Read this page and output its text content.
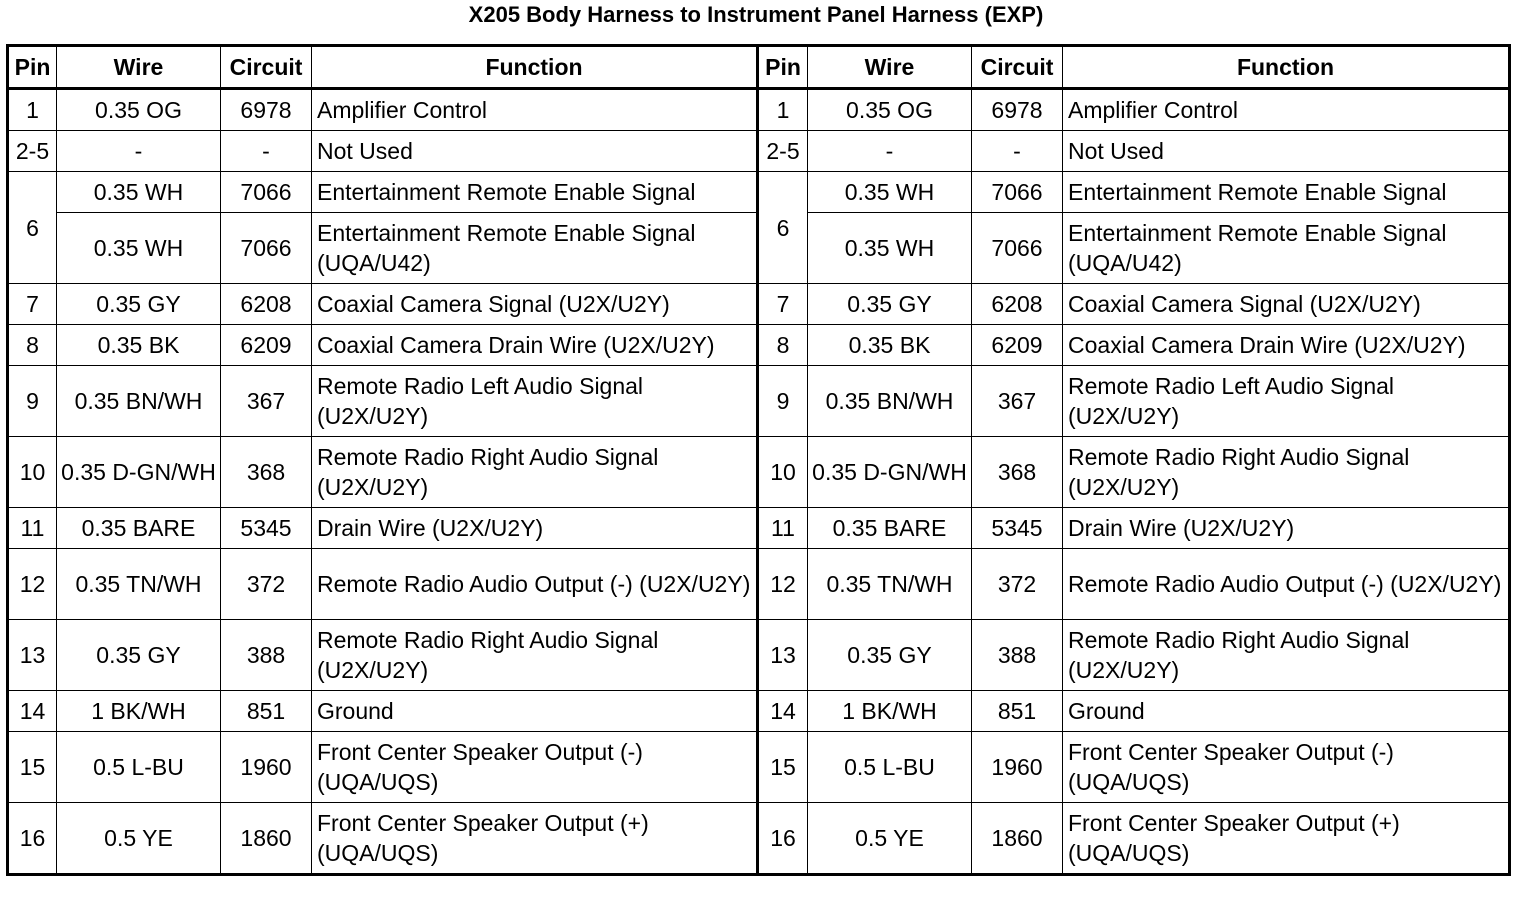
X205 Body Harness to Instrument Panel Harness (EXP)
Pin	Wire	Circuit	Function	Pin	Wire	Circuit	Function
1	0.35 OG	6978	Amplifier Control	1	0.35 OG	6978	Amplifier Control
2-5	-	-	Not Used	2-5	-	-	Not Used
6	0.35 WH	7066	Entertainment Remote Enable Signal	6	0.35 WH	7066	Entertainment Remote Enable Signal
	0.35 WH	7066	Entertainment Remote Enable Signal (UQA/U42)		0.35 WH	7066	Entertainment Remote Enable Signal (UQA/U42)
7	0.35 GY	6208	Coaxial Camera Signal (U2X/U2Y)	7	0.35 GY	6208	Coaxial Camera Signal (U2X/U2Y)
8	0.35 BK	6209	Coaxial Camera Drain Wire (U2X/U2Y)	8	0.35 BK	6209	Coaxial Camera Drain Wire (U2X/U2Y)
9	0.35 BN/WH	367	Remote Radio Left Audio Signal (U2X/U2Y)	9	0.35 BN/WH	367	Remote Radio Left Audio Signal (U2X/U2Y)
10	0.35 D-GN/WH	368	Remote Radio Right Audio Signal (U2X/U2Y)	10	0.35 D-GN/WH	368	Remote Radio Right Audio Signal (U2X/U2Y)
11	0.35 BARE	5345	Drain Wire (U2X/U2Y)	11	0.35 BARE	5345	Drain Wire (U2X/U2Y)
12	0.35 TN/WH	372	Remote Radio Audio Output (-) (U2X/U2Y)	12	0.35 TN/WH	372	Remote Radio Audio Output (-) (U2X/U2Y)
13	0.35 GY	388	Remote Radio Right Audio Signal (U2X/U2Y)	13	0.35 GY	388	Remote Radio Right Audio Signal (U2X/U2Y)
14	1 BK/WH	851	Ground	14	1 BK/WH	851	Ground
15	0.5 L-BU	1960	Front Center Speaker Output (-) (UQA/UQS)	15	0.5 L-BU	1960	Front Center Speaker Output (-) (UQA/UQS)
16	0.5 YE	1860	Front Center Speaker Output (+) (UQA/UQS)	16	0.5 YE	1860	Front Center Speaker Output (+) (UQA/UQS)
